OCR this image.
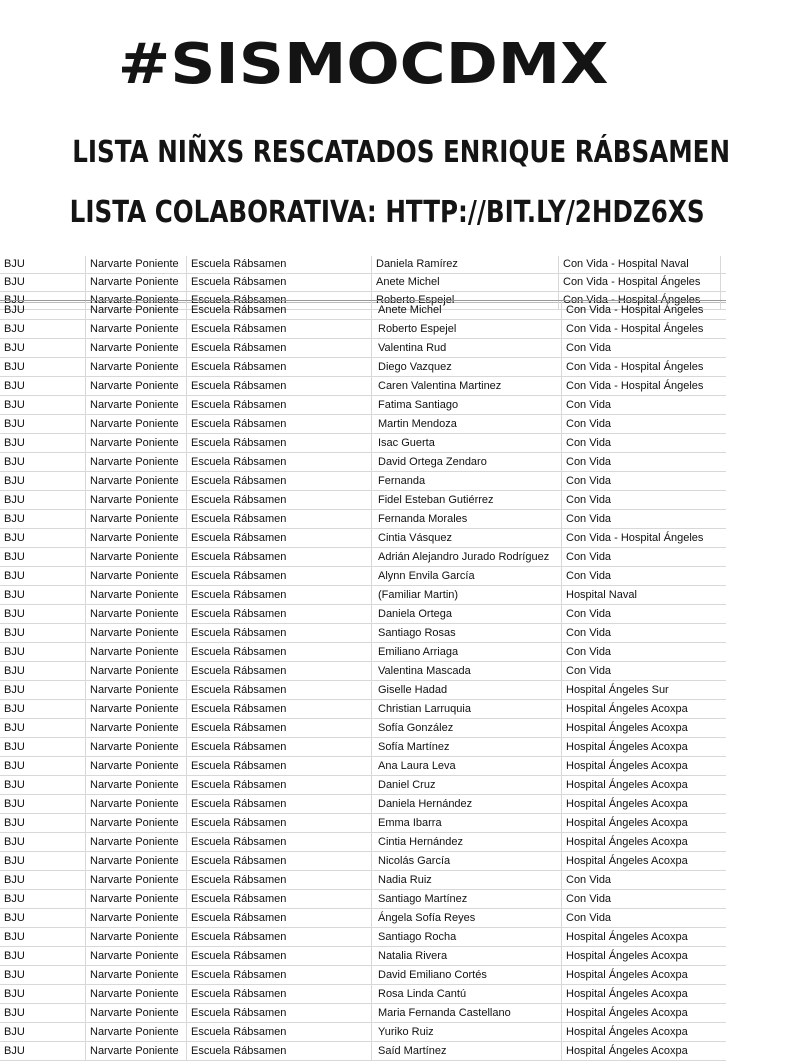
#SISMOCDMX
LISTA NIÑXS RESCATADOS ENRIQUE RÁBSAMEN
LISTA COLABORATIVA: HTTP://BIT.LY/2HDZ6XS
BJU	Narvarte Poniente	Escuela Rábsamen	Daniela Ramírez	Con Vida - Hospital Naval
BJU	Narvarte Poniente	Escuela Rábsamen	Anete Michel	Con Vida - Hospital Ángeles
BJU	Narvarte Poniente	Escuela Rábsamen	Roberto Espejel	Con Vida - Hospital Ángeles
BJU	Narvarte Poniente	Escuela Rábsamen	Anete Michel	Con Vida - Hospital Ángeles
BJU	Narvarte Poniente	Escuela Rábsamen	Roberto Espejel	Con Vida - Hospital Ángeles
BJU	Narvarte Poniente	Escuela Rábsamen	Valentina Rud	Con Vida
BJU	Narvarte Poniente	Escuela Rábsamen	Diego Vazquez	Con Vida - Hospital Ángeles
BJU	Narvarte Poniente	Escuela Rábsamen	Caren Valentina Martinez	Con Vida - Hospital Ángeles
BJU	Narvarte Poniente	Escuela Rábsamen	Fatima Santiago	Con Vida
BJU	Narvarte Poniente	Escuela Rábsamen	Martin Mendoza	Con Vida
BJU	Narvarte Poniente	Escuela Rábsamen	Isac Guerta	Con Vida
BJU	Narvarte Poniente	Escuela Rábsamen	David Ortega Zendaro	Con Vida
BJU	Narvarte Poniente	Escuela Rábsamen	Fernanda	Con Vida
BJU	Narvarte Poniente	Escuela Rábsamen	Fidel Esteban Gutiérrez	Con Vida
BJU	Narvarte Poniente	Escuela Rábsamen	Fernanda Morales	Con Vida
BJU	Narvarte Poniente	Escuela Rábsamen	Cintia Vásquez	Con Vida - Hospital Ángeles
BJU	Narvarte Poniente	Escuela Rábsamen	Adrián Alejandro Jurado Rodríguez	Con Vida
BJU	Narvarte Poniente	Escuela Rábsamen	Alynn Envila García	Con Vida
BJU	Narvarte Poniente	Escuela Rábsamen	(Familiar Martin)	Hospital Naval
BJU	Narvarte Poniente	Escuela Rábsamen	Daniela Ortega	Con Vida
BJU	Narvarte Poniente	Escuela Rábsamen	Santiago Rosas	Con Vida
BJU	Narvarte Poniente	Escuela Rábsamen	Emiliano Arriaga	Con Vida
BJU	Narvarte Poniente	Escuela Rábsamen	Valentina Mascada	Con Vida
BJU	Narvarte Poniente	Escuela Rábsamen	Giselle Hadad	Hospital Ángeles Sur
BJU	Narvarte Poniente	Escuela Rábsamen	Christian Larruquia	Hospital Ángeles Acoxpa
BJU	Narvarte Poniente	Escuela Rábsamen	Sofía González	Hospital Ángeles Acoxpa
BJU	Narvarte Poniente	Escuela Rábsamen	Sofía Martínez	Hospital Ángeles Acoxpa
BJU	Narvarte Poniente	Escuela Rábsamen	Ana Laura Leva	Hospital Ángeles Acoxpa
BJU	Narvarte Poniente	Escuela Rábsamen	Daniel Cruz	Hospital Ángeles Acoxpa
BJU	Narvarte Poniente	Escuela Rábsamen	Daniela Hernández	Hospital Ángeles Acoxpa
BJU	Narvarte Poniente	Escuela Rábsamen	Emma Ibarra	Hospital Ángeles Acoxpa
BJU	Narvarte Poniente	Escuela Rábsamen	Cintia Hernández	Hospital Ángeles Acoxpa
BJU	Narvarte Poniente	Escuela Rábsamen	Nicolás García	Hospital Ángeles Acoxpa
BJU	Narvarte Poniente	Escuela Rábsamen	Nadia Ruiz	Con Vida
BJU	Narvarte Poniente	Escuela Rábsamen	Santiago Martínez	Con Vida
BJU	Narvarte Poniente	Escuela Rábsamen	Ángela Sofía Reyes	Con Vida
BJU	Narvarte Poniente	Escuela Rábsamen	Santiago Rocha	Hospital Ángeles Acoxpa
BJU	Narvarte Poniente	Escuela Rábsamen	Natalia Rivera	Hospital Ángeles Acoxpa
BJU	Narvarte Poniente	Escuela Rábsamen	David Emiliano Cortés	Hospital Ángeles Acoxpa
BJU	Narvarte Poniente	Escuela Rábsamen	Rosa Linda Cantú	Hospital Ángeles Acoxpa
BJU	Narvarte Poniente	Escuela Rábsamen	Maria Fernanda Castellano	Hospital Ángeles Acoxpa
BJU	Narvarte Poniente	Escuela Rábsamen	Yuriko Ruiz	Hospital Ángeles Acoxpa
BJU	Narvarte Poniente	Escuela Rábsamen	Saíd Martínez	Hospital Ángeles Acoxpa
